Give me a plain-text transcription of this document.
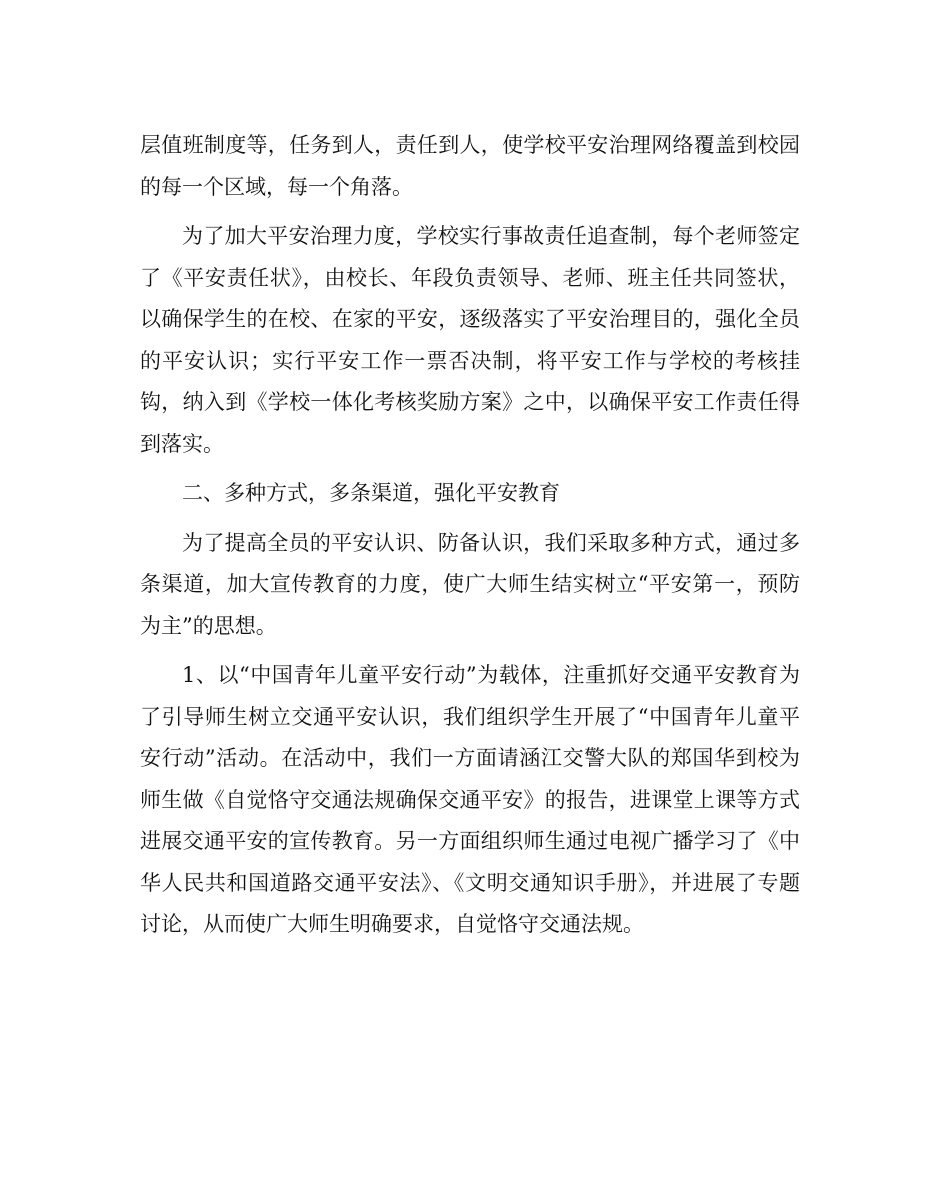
层值班制度等，任务到人，责任到人，使学校平安治理网络覆盖到校园的每一个区域，每一个角落。

为了加大平安治理力度，学校实行事故责任追查制，每个老师签定了《平安责任状》，由校长、年段负责领导、老师、班主任共同签状，以确保学生的在校、在家的平安，逐级落实了平安治理目的，强化全员的平安认识；实行平安工作一票否决制，将平安工作与学校的考核挂钩，纳入到《学校一体化考核奖励方案》之中，以确保平安工作责任得到落实。

二、多种方式，多条渠道，强化平安教育

为了提高全员的平安认识、防备认识，我们采取多种方式，通过多条渠道，加大宣传教育的力度，使广大师生结实树立“平安第一，预防为主”的思想。

1、以“中国青年儿童平安行动”为载体，注重抓好交通平安教育为了引导师生树立交通平安认识，我们组织学生开展了“中国青年儿童平安行动”活动。在活动中，我们一方面请涵江交警大队的郑国华到校为师生做《自觉恪守交通法规确保交通平安》的报告，进课堂上课等方式进展交通平安的宣传教育。另一方面组织师生通过电视广播学习了《中华人民共和国道路交通平安法》、《文明交通知识手册》，并进展了专题讨论，从而使广大师生明确要求，自觉恪守交通法规。
